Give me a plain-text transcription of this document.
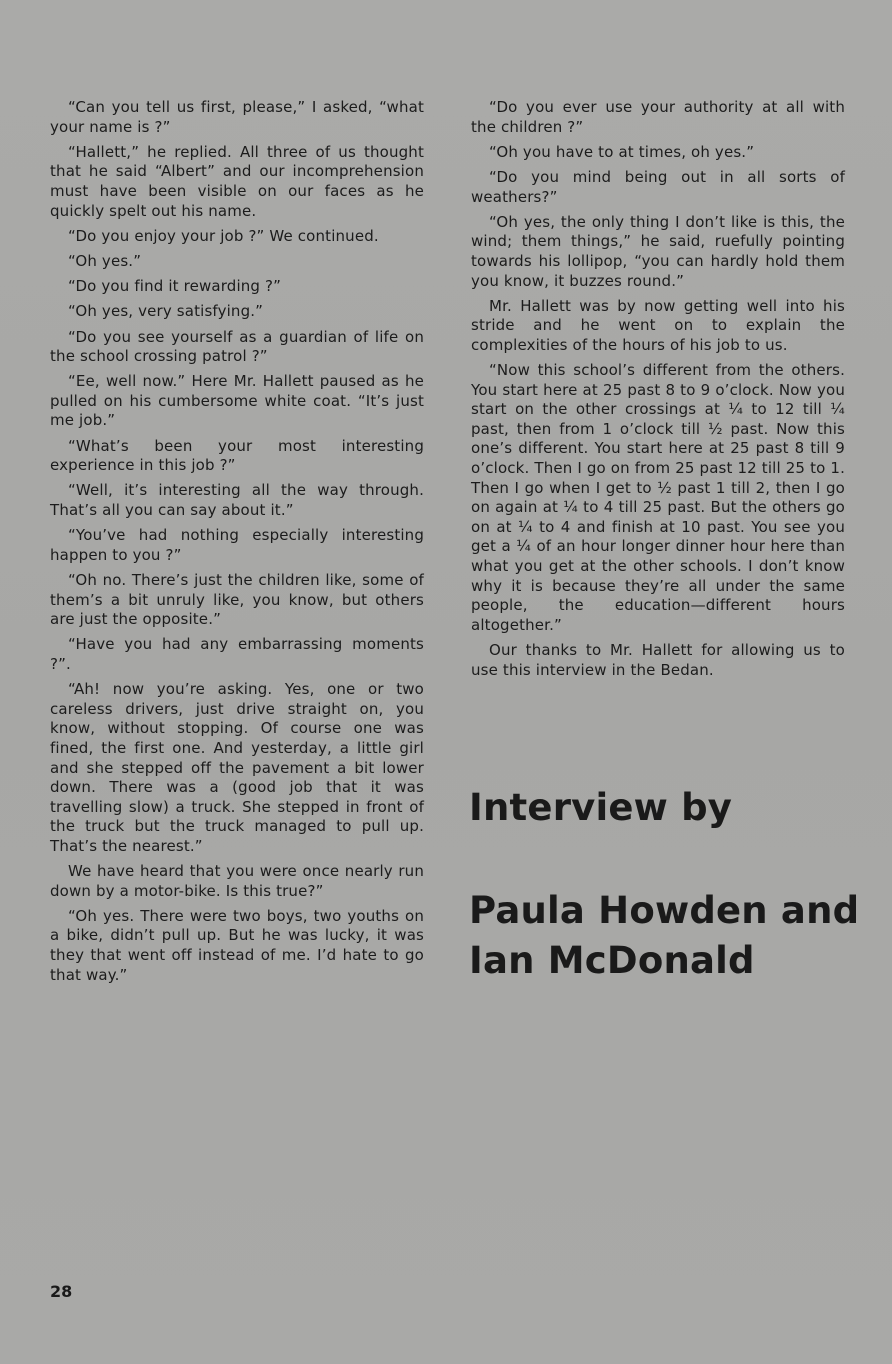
“Can you tell us first, please,” I asked, “what your name is ?”

“Hallett,” he replied. All three of us thought that he said “Albert” and our incomprehension must have been visible on our faces as he quickly spelt out his name.

“Do you enjoy your job ?” We continued.

“Oh yes.”

“Do you find it rewarding ?”

“Oh yes, very satisfying.”

“Do you see yourself as a guardian of life on the school crossing patrol ?”

“Ee, well now.” Here Mr. Hallett paused as he pulled on his cumbersome white coat. “It’s just me job.”

“What’s been your most interesting experience in this job ?”

“Well, it’s interesting all the way through. That’s all you can say about it.”

“You’ve had nothing especially interesting happen to you ?”

“Oh no. There’s just the children like, some of them’s a bit unruly like, you know, but others are just the opposite.”

“Have you had any embarrassing moments ?”.

“Ah! now you’re asking. Yes, one or two careless drivers, just drive straight on, you know, without stopping. Of course one was fined, the first one. And yesterday, a little girl and she stepped off the pavement a bit lower down. There was a (good job that it was travelling slow) a truck. She stepped in front of the truck but the truck managed to pull up. That’s the nearest.”

We have heard that you were once nearly run down by a motor-bike. Is this true?”

“Oh yes. There were two boys, two youths on a bike, didn’t pull up. But he was lucky, it was they that went off instead of me. I’d hate to go that way.”

“Do you ever use your authority at all with the children ?”

“Oh you have to at times, oh yes.”

“Do you mind being out in all sorts of weathers?”

“Oh yes, the only thing I don’t like is this, the wind; them things,” he said, ruefully pointing towards his lollipop, “you can hardly hold them you know, it buzzes round.”

Mr. Hallett was by now getting well into his stride and he went on to explain the complexities of the hours of his job to us.

“Now this school’s different from the others. You start here at 25 past 8 to 9 o’clock. Now you start on the other crossings at ¼ to 12 till ¼ past, then from 1 o’clock till ½ past. Now this one’s different. You start here at 25 past 8 till 9 o’clock. Then I go on from 25 past 12 till 25 to 1. Then I go when I get to ½ past 1 till 2, then I go on again at ¼ to 4 till 25 past. But the others go on at ¼ to 4 and finish at 10 past. You see you get a ¼ of an hour longer dinner hour here than what you get at the other schools. I don’t know why it is because they’re all under the same people, the education—different hours altogether.”

Our thanks to Mr. Hallett for allowing us to use this interview in the Bedan.

Interview by
Paula Howden and
Ian McDonald
28
